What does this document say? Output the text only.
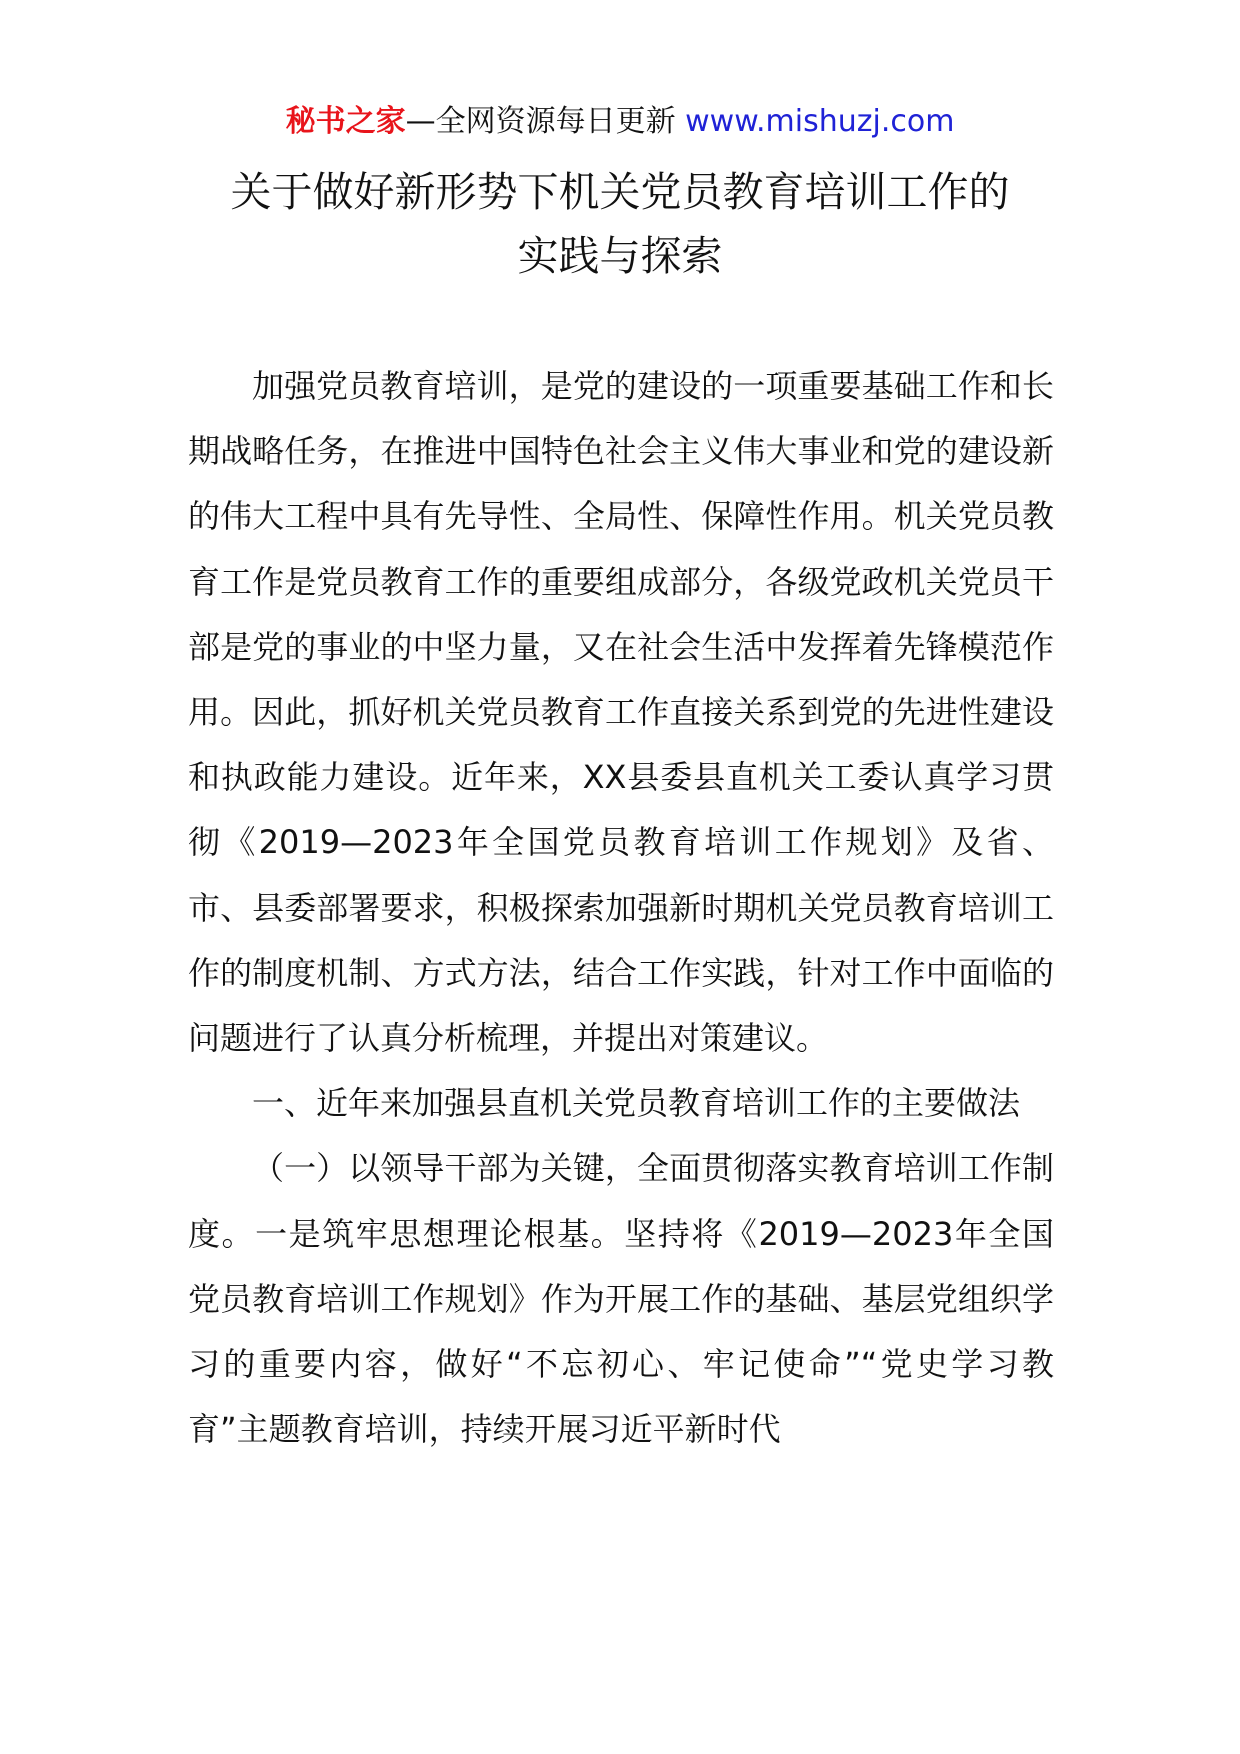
秘书之家—全网资源每日更新 www.mishuzj.com
关于做好新形势下机关党员教育培训工作的
实践与探索

加强党员教育培训，是党的建设的一项重要基础工作和长期战略任务，在推进中国特色社会主义伟大事业和党的建设新的伟大工程中具有先导性、全局性、保障性作用。机关党员教育工作是党员教育工作的重要组成部分，各级党政机关党员干部是党的事业的中坚力量，又在社会生活中发挥着先锋模范作用。因此，抓好机关党员教育工作直接关系到党的先进性建设和执政能力建设。近年来，XX县委县直机关工委认真学习贯彻《2019—2023年全国党员教育培训工作规划》及省、市、县委部署要求，积极探索加强新时期机关党员教育培训工作的制度机制、方式方法，结合工作实践，针对工作中面临的问题进行了认真分析梳理，并提出对策建议。

一、近年来加强县直机关党员教育培训工作的主要做法

（一）以领导干部为关键，全面贯彻落实教育培训工作制度。一是筑牢思想理论根基。坚持将《2019—2023年全国党员教育培训工作规划》作为开展工作的基础、基层党组织学习的重要内容，做好“不忘初心、牢记使命”“党史学习教育”主题教育培训，持续开展习近平新时代
